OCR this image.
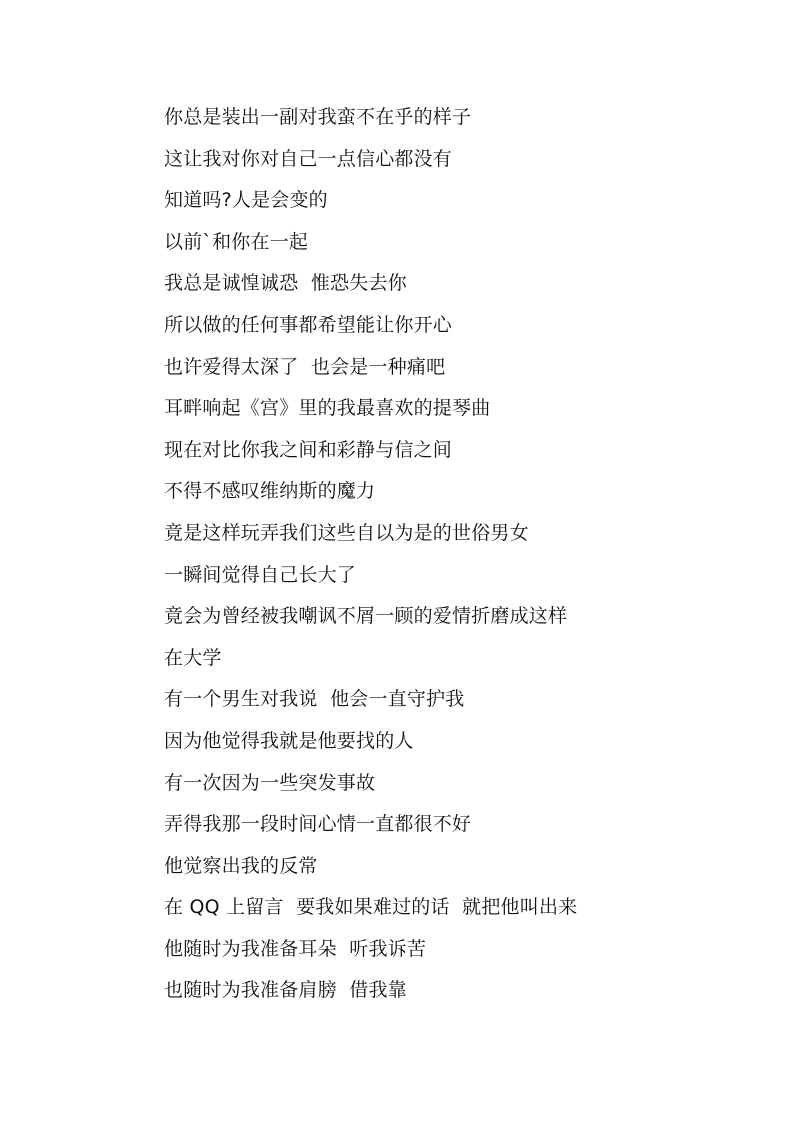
你总是装出一副对我蛮不在乎的样子
这让我对你对自己一点信心都没有
知道吗?人是会变的
以前`和你在一起
我总是诚惶诚恐  惟恐失去你
所以做的任何事都希望能让你开心
也许爱得太深了  也会是一种痛吧
耳畔响起《宫》里的我最喜欢的提琴曲
现在对比你我之间和彩静与信之间
不得不感叹维纳斯的魔力
竟是这样玩弄我们这些自以为是的世俗男女
一瞬间觉得自己长大了
竟会为曾经被我嘲讽不屑一顾的爱情折磨成这样
在大学
有一个男生对我说  他会一直守护我
因为他觉得我就是他要找的人
有一次因为一些突发事故
弄得我那一段时间心情一直都很不好
他觉察出我的反常
在 QQ 上留言  要我如果难过的话  就把他叫出来
他随时为我准备耳朵  听我诉苦
也随时为我准备肩膀  借我靠
